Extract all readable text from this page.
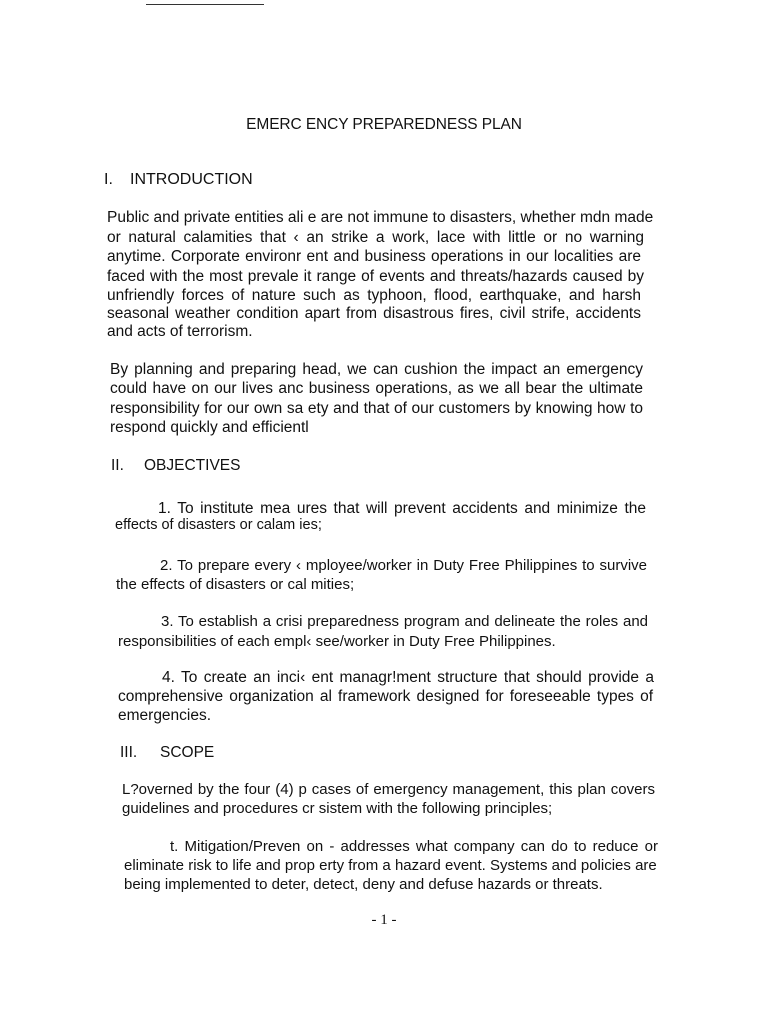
EMERC ENCY PREPAREDNESS PLAN
I. INTRODUCTION
Public and private entities ali e are not immune to disasters, whether mdn made
or natural calamities that ‹ an strike a work, lace with little or no warning
anytime. Corporate environr ent and business operations in our localities are
faced with the most prevale it range of events and threats/hazards caused by
unfriendly forces of nature such as typhoon, flood, earthquake, and harsh
seasonal weather condition apart from disastrous fires, civil strife, accidents
and acts of terrorism.
By planning and preparing head, we can cushion the impact an emergency
could have on our lives anc business operations, as we all bear the ultimate
responsibility for our own sa ety and that of our customers by knowing how to
respond quickly and efficientl
II. OBJECTIVES
1. To institute mea ures that will prevent accidents and minimize the
effects of disasters or calam ies;
2. To prepare every ‹ mployee/worker in Duty Free Philippines to survive
the effects of disasters or cal mities;
3. To establish a crisi preparedness program and delineate the roles and
responsibilities of each empl‹ see/worker in Duty Free Philippines.
4. To create an inci‹ ent managr!ment structure that should provide a
comprehensive organization al framework designed for foreseeable types of
emergencies.
III. SCOPE
L?overned by the four (4) p cases of emergency management, this plan covers
guidelines and procedures cr sistem with the following principles;
t. Mitigation/Preven on - addresses what company can do to reduce or
eliminate risk to life and prop erty from a hazard event. Systems and policies are
being implemented to deter, detect, deny and defuse hazards or threats.
- 1 -
